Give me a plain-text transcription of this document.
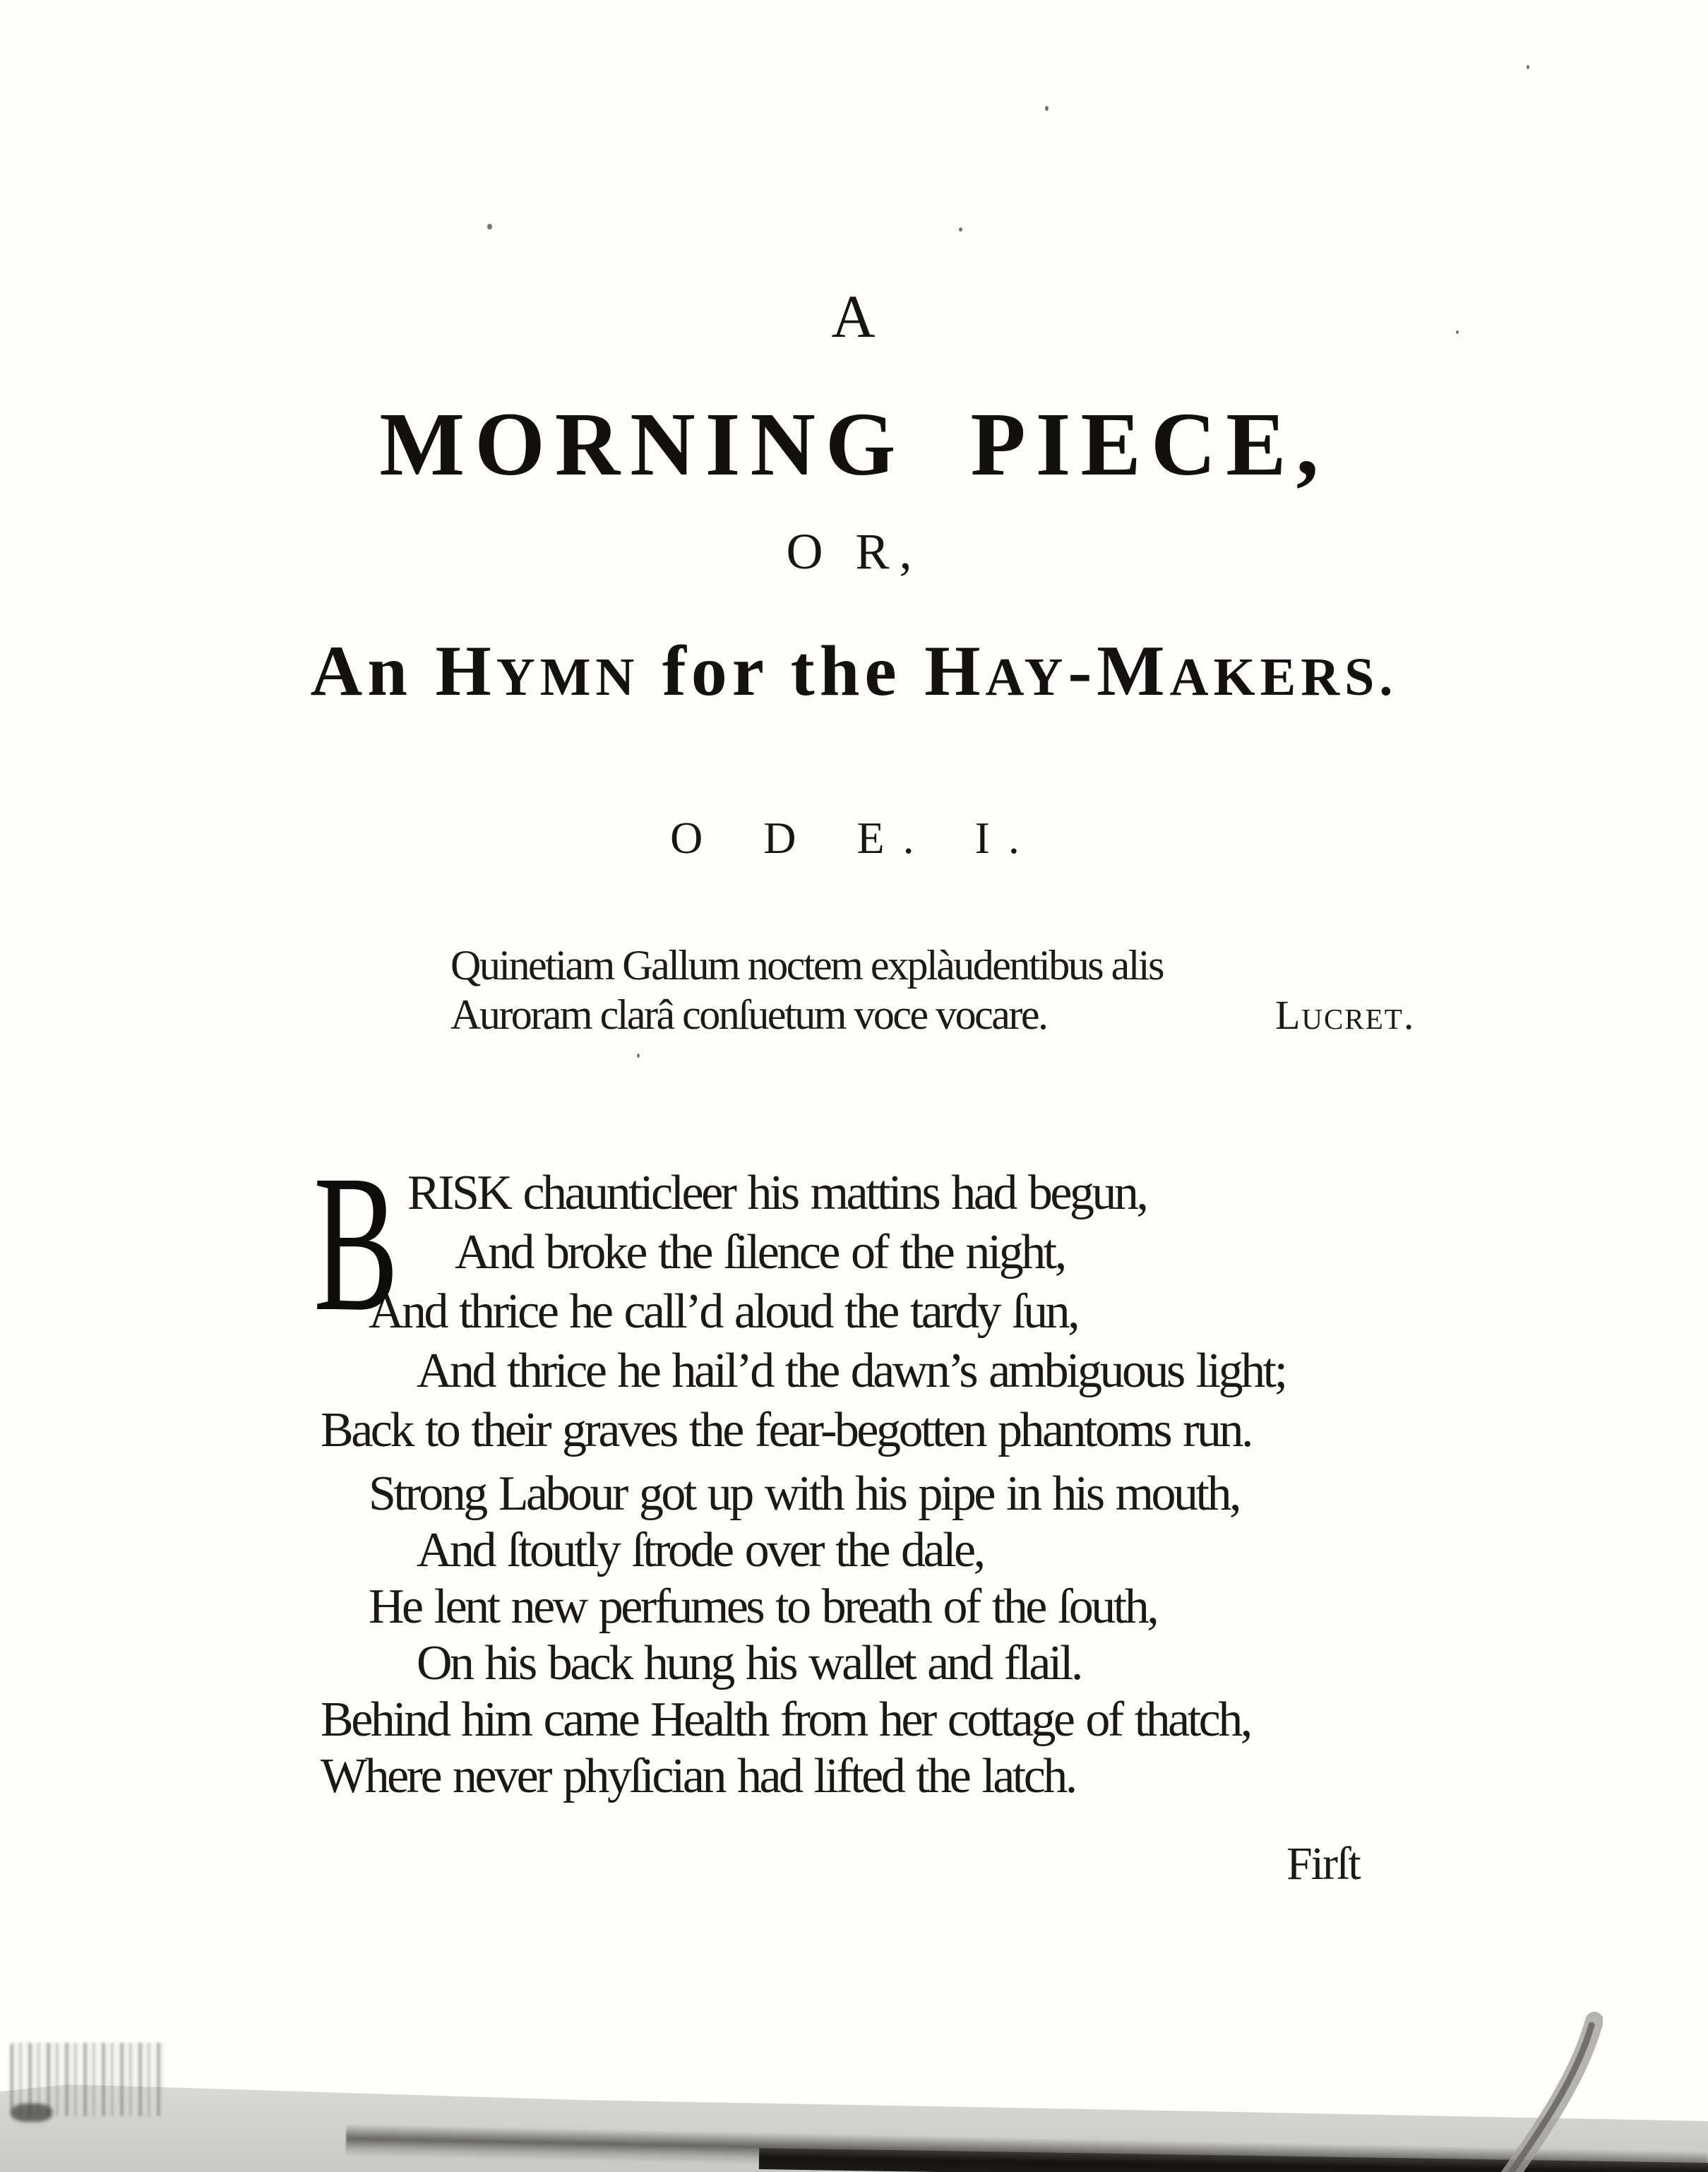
A
MORNING PIECE,
O R,
An HYMN for the HAY-MAKERS.
O D E. I.
Quinetiam Gallum noctem explàudentibus alis
Auroram clarâ conſuetum voce vocare.	Lucret.
B RISK chaunticleer his mattins had begun,
And broke the ſilence of the night,
And thrice he call’d aloud the tardy ſun,
And thrice he hail’d the dawn’s ambiguous light;
Back to their graves the fear-begotten phantoms run.
Strong Labour got up with his pipe in his mouth,
And ſtoutly ſtrode over the dale,
He lent new perfumes to breath of the ſouth,
On his back hung his wallet and flail.
Behind him came Health from her cottage of thatch,
Where never phyſician had lifted the latch.
Firſt
